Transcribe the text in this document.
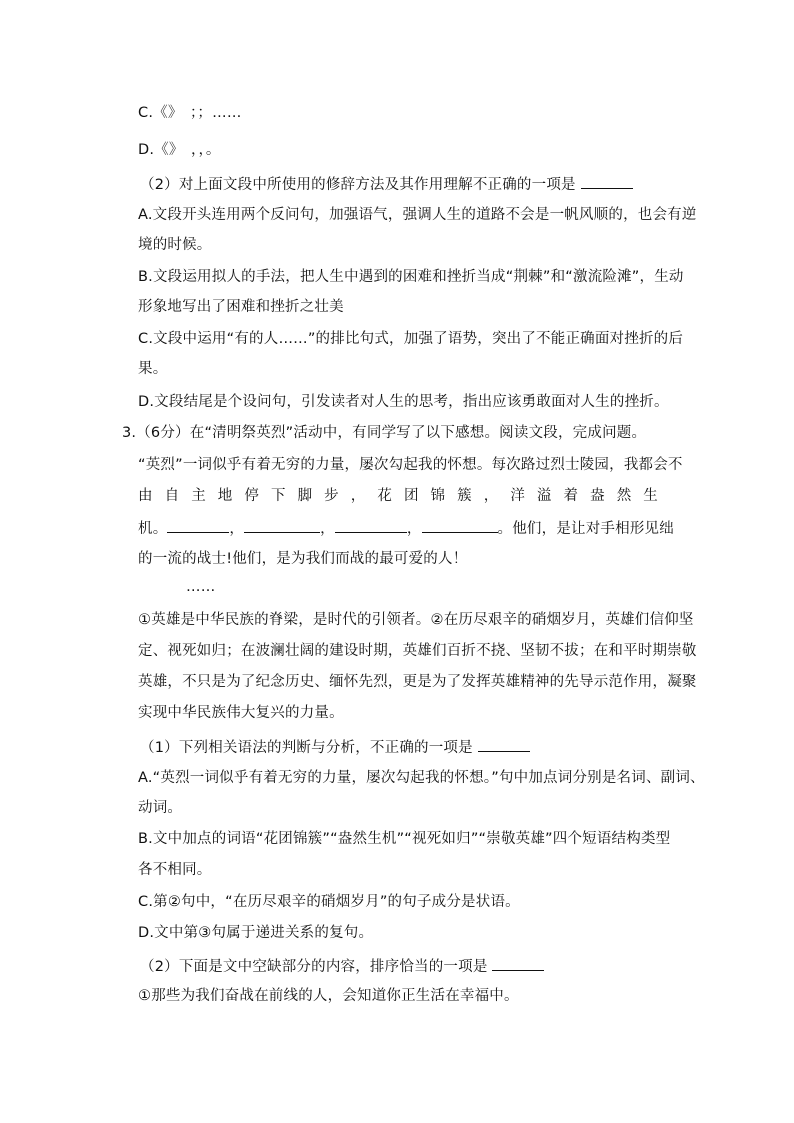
C.《》　；；……
D.《》　，，。
（2）对上面文段中所使用的修辞方法及其作用理解不正确的一项是
A.文段开头连用两个反问句，加强语气，强调人生的道路不会是一帆风顺的，也会有逆
境的时候。
B.文段运用拟人的手法，把人生中遇到的困难和挫折当成“荆棘”和“激流险滩”，生动
形象地写出了困难和挫折之壮美
C.文段中运用“有的人……”的排比句式，加强了语势，突出了不能正确面对挫折的后
果。
D.文段结尾是个设问句，引发读者对人生的思考，指出应该勇敢面对人生的挫折。
3.（6分）在“清明祭英烈”活动中，有同学写了以下感想。阅读文段，完成问题。
“英烈”一词似乎有着无穷的力量，屡次勾起我的怀想。每次路过烈士陵园，我都会不
由 自 主 地 停 下 脚 步 ， 花 团 锦 簇 ， 洋 溢 着 盎 然 生
机。	，	，	，	。他们，是让对手相形见绌
的一流的战士!他们，是为我们而战的最可爱的人！
……
①英雄是中华民族的脊梁，是时代的引领者。②在历尽艰辛的硝烟岁月，英雄们信仰坚
定、视死如归；在波澜壮阔的建设时期，英雄们百折不挠、坚韧不拔；在和平时期崇敬
英雄，不只是为了纪念历史、缅怀先烈，更是为了发挥英雄精神的先导示范作用，凝聚
实现中华民族伟大复兴的力量。
（1）下列相关语法的判断与分析，不正确的一项是
A.“英烈一词似乎有着无穷的力量，屡次勾起我的怀想。”句中加点词分别是名词、副词、
动词。
B.文中加点的词语“花团锦簇”“盎然生机”“视死如归”“崇敬英雄”四个短语结构类型
各不相同。
C.第②句中，“在历尽艰辛的硝烟岁月”的句子成分是状语。
D.文中第③句属于递进关系的复句。
（2）下面是文中空缺部分的内容，排序恰当的一项是
①那些为我们奋战在前线的人，会知道你正生活在幸福中。
